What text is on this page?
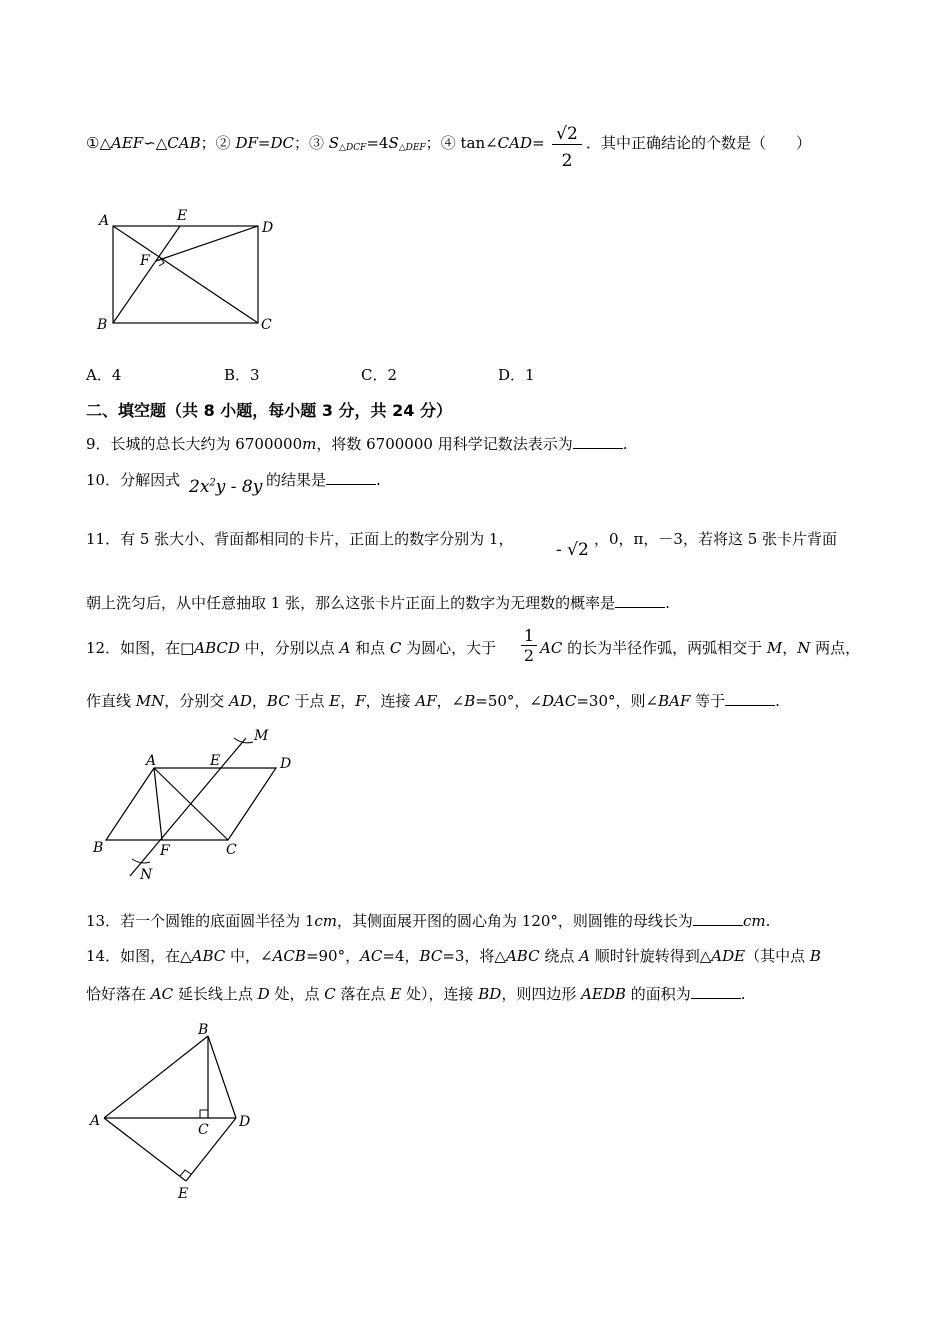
①△AEF∽△CAB；② DF=DC；③ $S_{\triangle DCF}=4S_{\triangle DEF}$；④ tan∠CAD= $\frac{√2}{2}$ ．其中正确结论的个数是（　　）
A	E
D
F
B	C
A．4	B．3	C．2	D．1
二、填空题（共 8 小题，每小题 3 分，共 24 分）
9．长城的总长大约为 6700000m，将数 6700000 用科学记数法表示为	.
10．分解因式 $2x^2y - 8y$ 的结果是	.
11．有 5 张大小、背面都相同的卡片，正面上的数字分别为 1，
- √2
，0，π，－3，若将这 5 张卡片背面
朝上洗匀后，从中任意抽取 1 张，那么这张卡片正面上的数字为无理数的概率是	.
12．如图，在□ABCD 中，分别以点 A 和点 C 为圆心，大于 $\frac{1}{2}$ AC 的长为半径作弧，两弧相交于 M，N 两点，
作直线 MN，分别交 AD，BC 于点 E，F，连接 AF，∠B=50°，∠DAC=30°，则∠BAF 等于	.
M
A	E	D
B	F	C
N
13．若一个圆锥的底面圆半径为 1cm，其侧面展开图的圆心角为 120°，则圆锥的母线长为	cm.
14．如图，在△ABC 中，∠ACB=90°，AC=4，BC=3，将△ABC 绕点 A 顺时针旋转得到△ADE（其中点 B
恰好落在 AC 延长线上点 D 处，点 C 落在点 E 处），连接 BD，则四边形 AEDB 的面积为	.
B
A
C D
E
